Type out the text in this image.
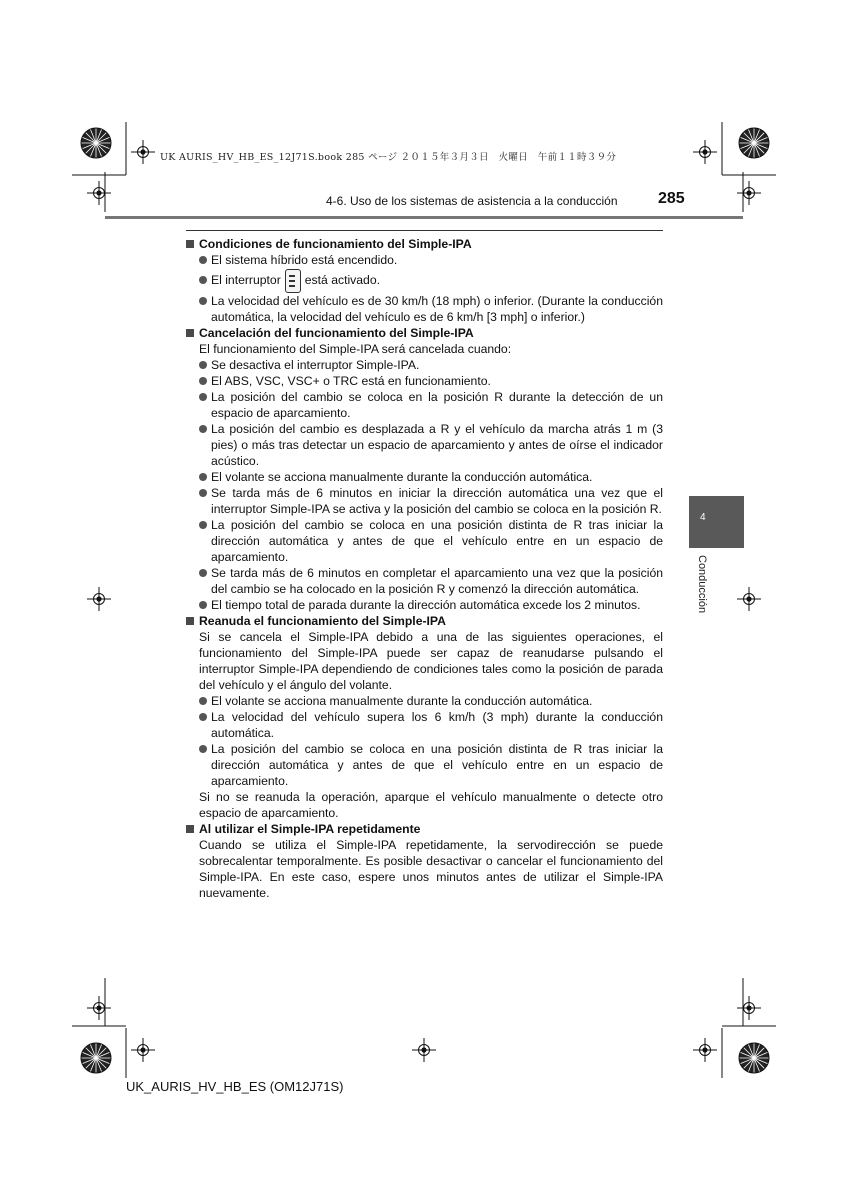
UK AURIS_HV_HB_ES_12J71S.book 285 ページ ２０１５年３月３日　火曜日　午前１１時３９分
4-6. Uso de los sistemas de asistencia a la conducción	285

Condiciones de funcionamiento del Simple-IPA

El sistema híbrido está encendido.

El interruptor está activado.

La velocidad del vehículo es de 30 km/h (18 mph) o inferior. (Durante la conducción automática, la velocidad del vehículo es de 6 km/h [3 mph] o inferior.)

Cancelación del funcionamiento del Simple-IPA

El funcionamiento del Simple-IPA será cancelada cuando:

Se desactiva el interruptor Simple-IPA.

El ABS, VSC, VSC+ o TRC está en funcionamiento.

La posición del cambio se coloca en la posición R durante la detección de un espacio de aparcamiento.

La posición del cambio es desplazada a R y el vehículo da marcha atrás 1 m (3 pies) o más tras detectar un espacio de aparcamiento y antes de oírse el indicador acústico.

El volante se acciona manualmente durante la conducción automática.

Se tarda más de 6 minutos en iniciar la dirección automática una vez que el interruptor Simple-IPA se activa y la posición del cambio se coloca en la posición R.

La posición del cambio se coloca en una posición distinta de R tras iniciar la dirección automática y antes de que el vehículo entre en un espacio de aparcamiento.

Se tarda más de 6 minutos en completar el aparcamiento una vez que la posición del cambio se ha colocado en la posición R y comenzó la dirección automática.

El tiempo total de parada durante la dirección automática excede los 2 minutos.

Reanuda el funcionamiento del Simple-IPA

Si se cancela el Simple-IPA debido a una de las siguientes operaciones, el funcionamiento del Simple-IPA puede ser capaz de reanudarse pulsando el interruptor Simple-IPA dependiendo de condiciones tales como la posición de parada del vehículo y el ángulo del volante.

El volante se acciona manualmente durante la conducción automática.

La velocidad del vehículo supera los 6 km/h (3 mph) durante la conducción automática.

La posición del cambio se coloca en una posición distinta de R tras iniciar la dirección automática y antes de que el vehículo entre en un espacio de aparcamiento.

Si no se reanuda la operación, aparque el vehículo manualmente o detecte otro espacio de aparcamiento.

Al utilizar el Simple-IPA repetidamente

Cuando se utiliza el Simple-IPA repetidamente, la servodirección se puede sobrecalentar temporalmente. Es posible desactivar o cancelar el funcionamiento del Simple-IPA. En este caso, espere unos minutos antes de utilizar el Simple-IPA nuevamente.

4
Conducción
UK_AURIS_HV_HB_ES (OM12J71S)
